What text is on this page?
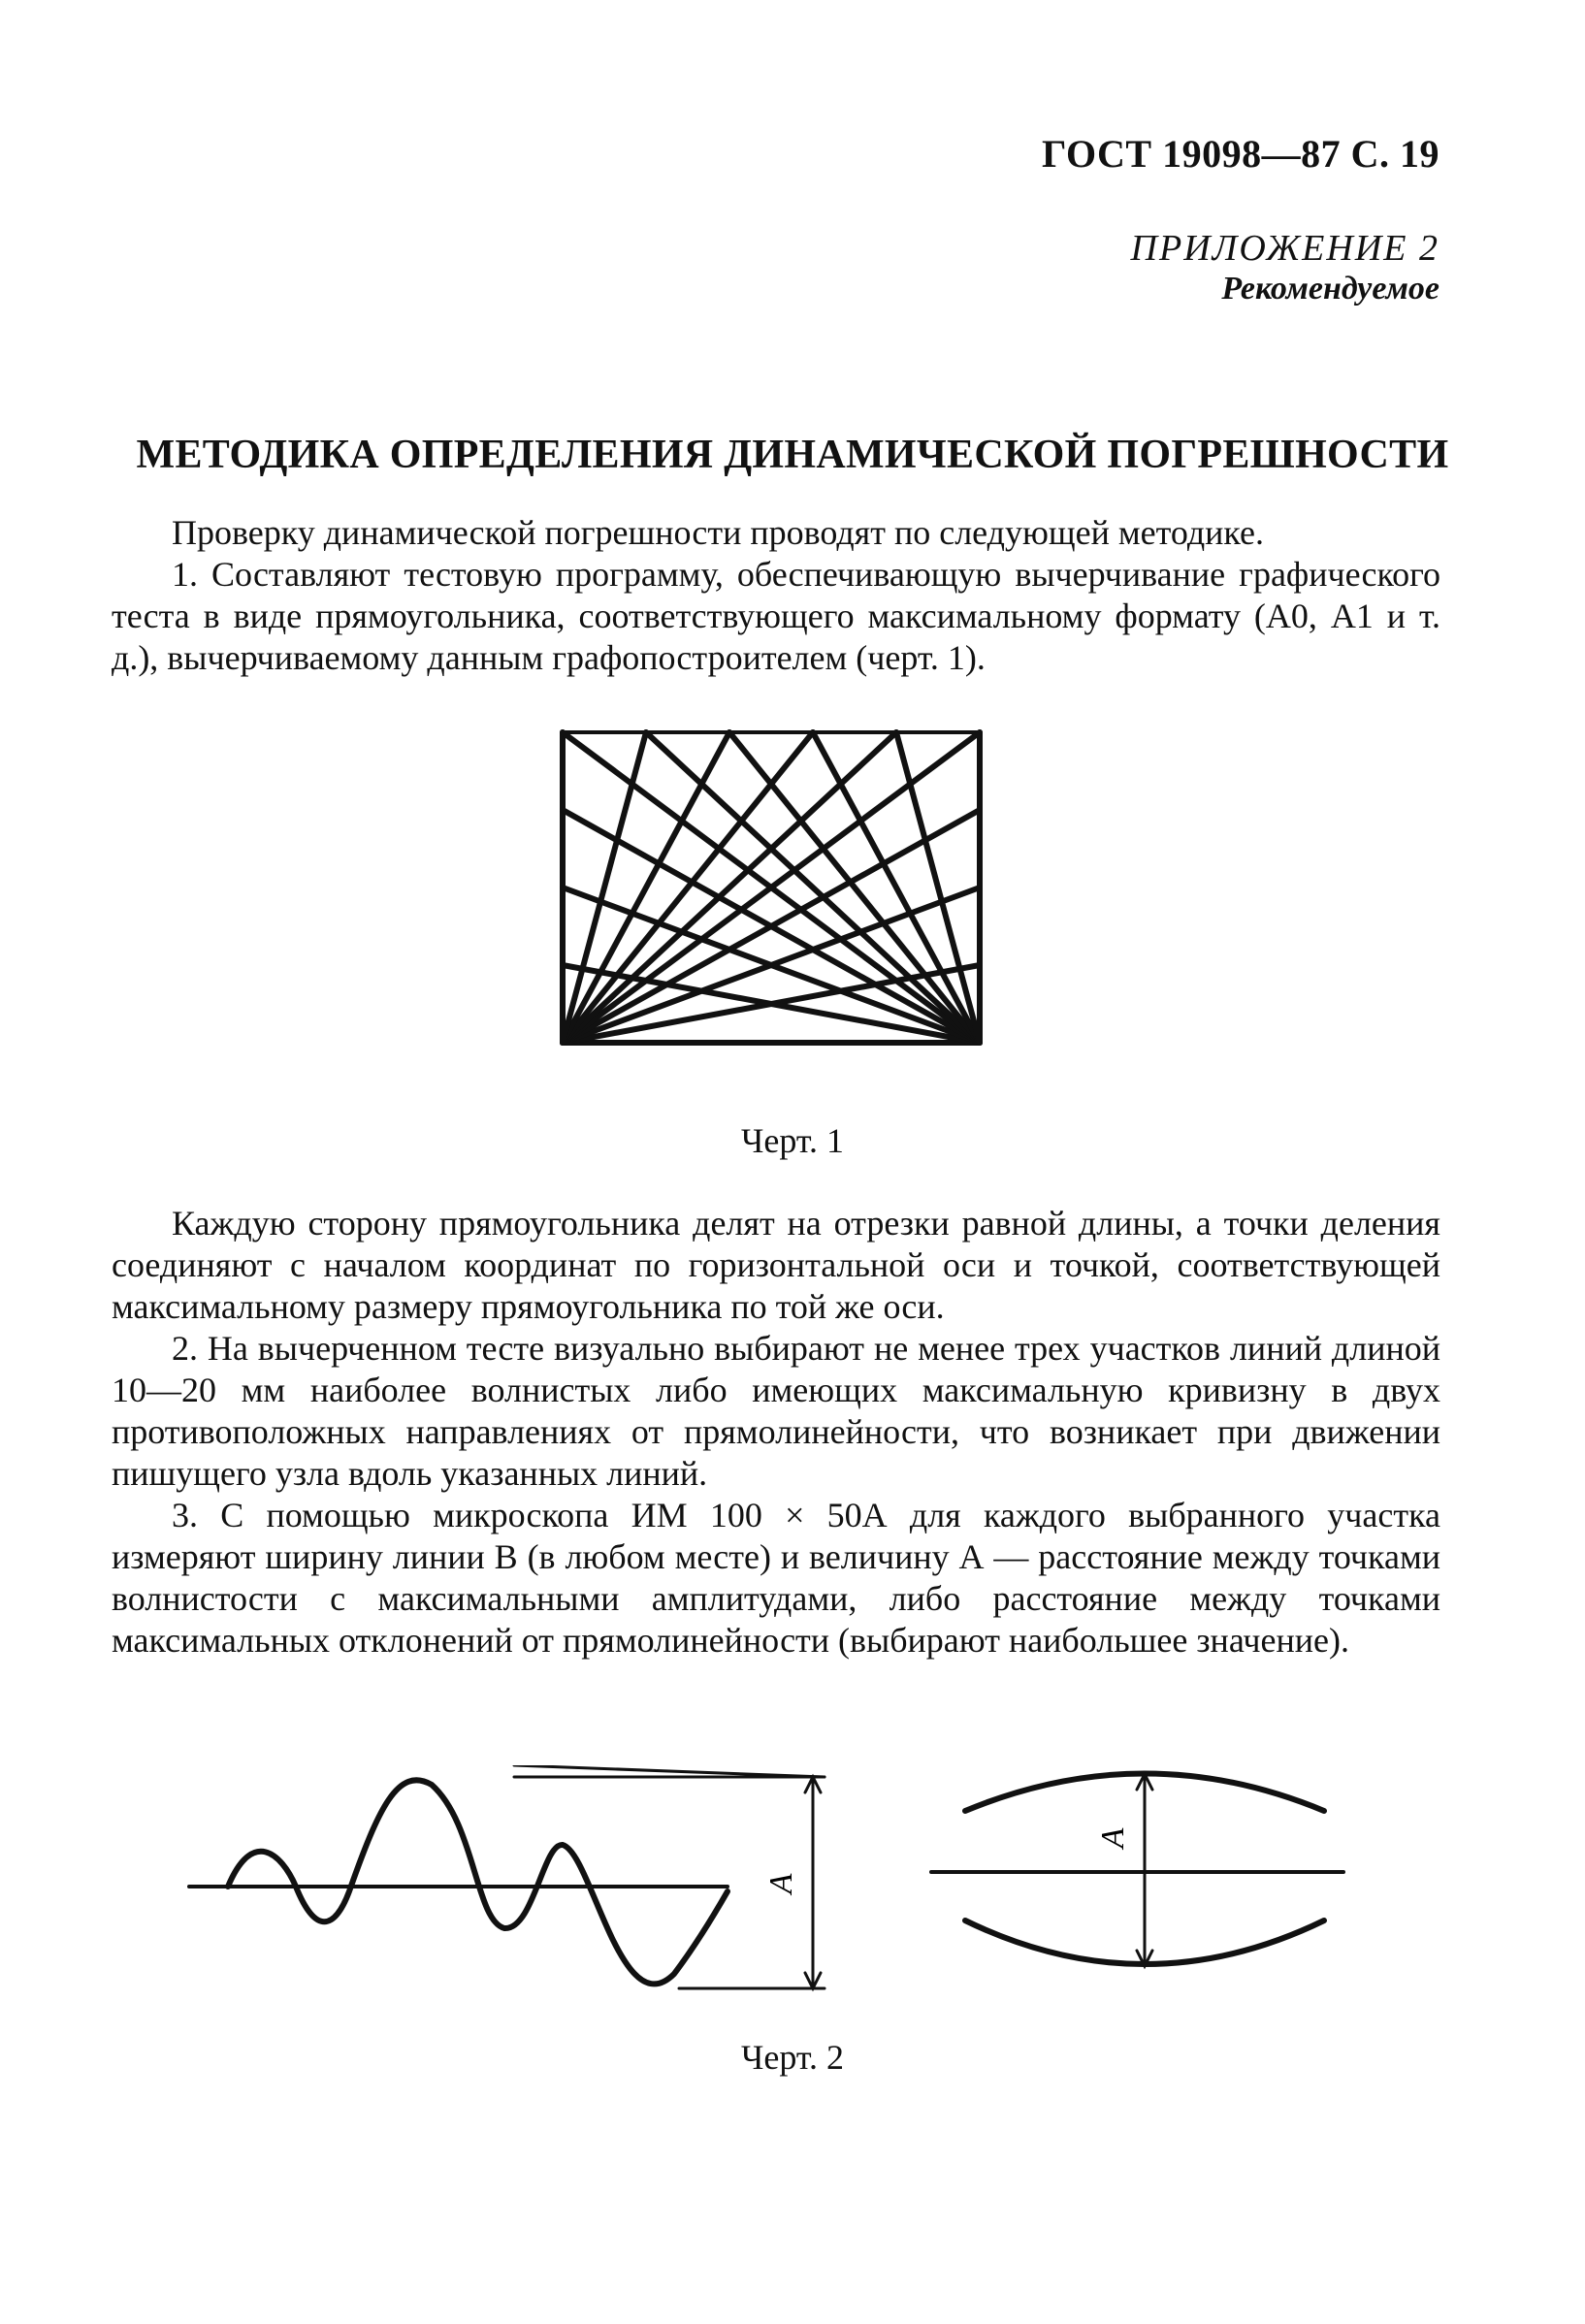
ГОСТ 19098—87 С. 19
ПРИЛОЖЕНИЕ 2
Рекомендуемое
МЕТОДИКА ОПРЕДЕЛЕНИЯ ДИНАМИЧЕСКОЙ ПОГРЕШНОСТИ

Проверку динамической погрешности проводят по следующей методике.

1. Составляют тестовую программу, обеспечивающую вычерчивание графического теста в виде прямоугольника, соответствующего максимальному формату (А0, А1 и т. д.), вычерчиваемому данным графопостроителем (черт. 1).

Черт. 1

Каждую сторону прямоугольника делят на отрезки равной длины, а точки деления соединяют с началом координат по горизонтальной оси и точкой, соответствующей максимальному размеру прямоугольника по той же оси.

2. На вычерченном тесте визуально выбирают не менее трех участков линий длиной 10—20 мм наиболее волнистых либо имеющих максимальную кривизну в двух противоположных направлениях от прямолинейности, что возникает при движении пишущего узла вдоль указанных линий.

3. С помощью микроскопа ИМ 100 × 50А для каждого выбранного участка измеряют ширину линии В (в любом месте) и величину А — расстояние между точками волнистости с максимальными амплитудами, либо расстояние между точками максимальных отклонений от прямолинейности (выбирают наибольшее значение).

А
А
Черт. 2
